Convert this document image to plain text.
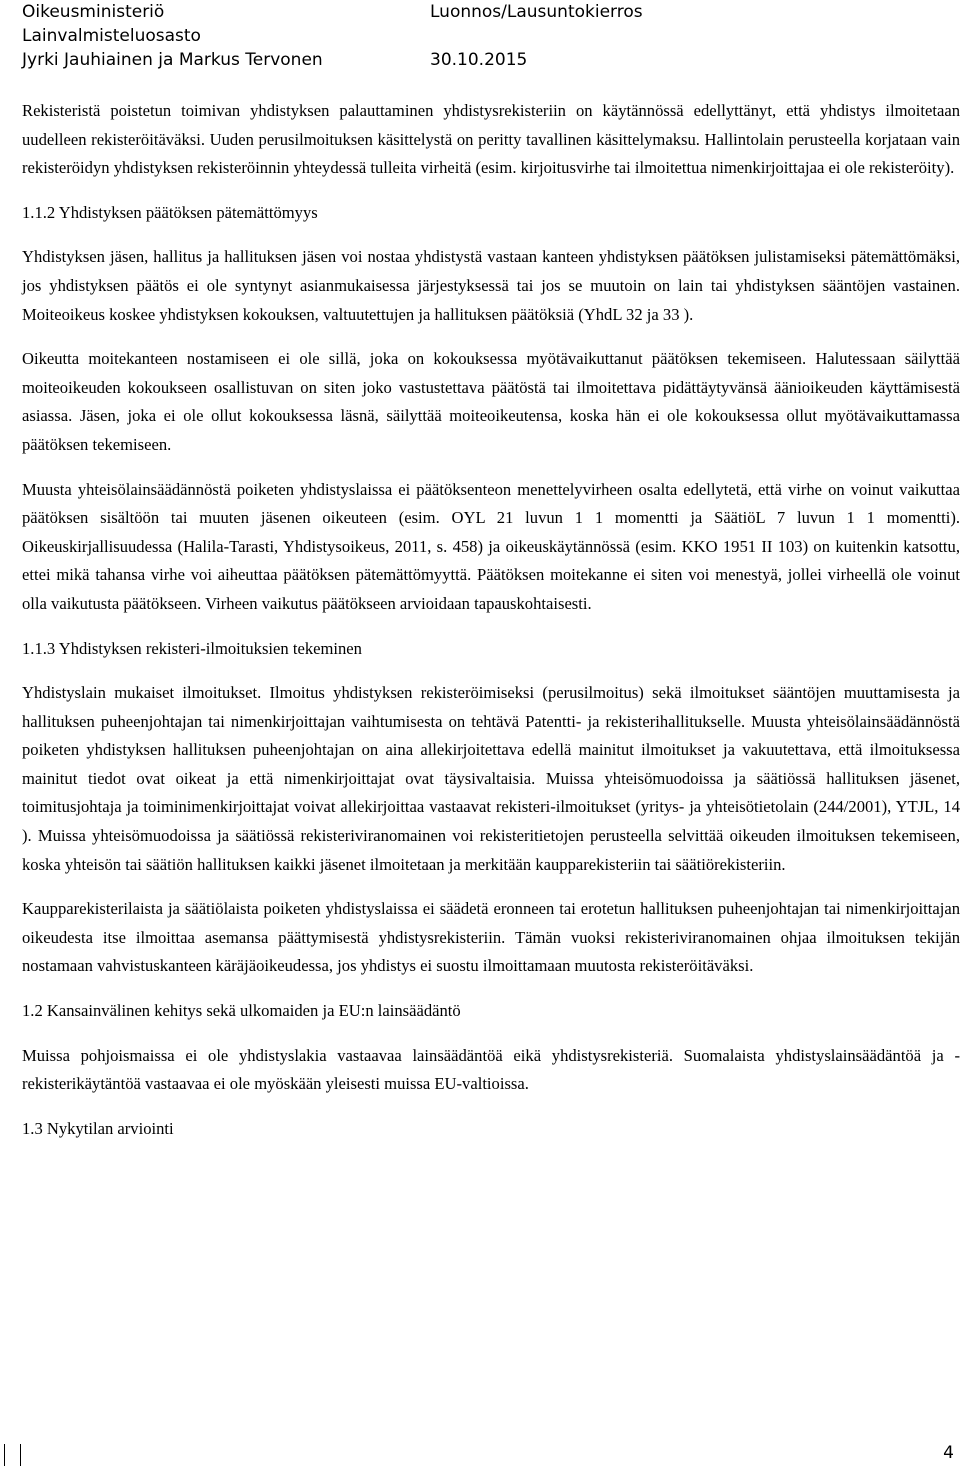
Oikeusministeriö	Luonnos/Lausuntokierros
Lainvalmisteluosasto
Jyrki Jauhiainen ja Markus Tervonen	30.10.2015

Rekisteristä poistetun toimivan yhdistyksen palauttaminen yhdistysrekisteriin on käytännössä edellyttänyt, että yhdistys ilmoitetaan uudelleen rekisteröitäväksi. Uuden perusilmoituksen käsittelystä on peritty tavallinen käsittelymaksu. Hallintolain perusteella korjataan vain rekisteröidyn yhdistyksen rekisteröinnin yhteydessä tulleita virheitä (esim. kirjoitusvirhe tai ilmoitettua nimenkirjoittajaa ei ole rekisteröity).

1.1.2 Yhdistyksen päätöksen pätemättömyys

Yhdistyksen jäsen, hallitus ja hallituksen jäsen voi nostaa yhdistystä vastaan kanteen yhdistyksen päätöksen julistamiseksi pätemättömäksi, jos yhdistyksen päätös ei ole syntynyt asianmukaisessa järjestyksessä tai jos se muutoin on lain tai yhdistyksen sääntöjen vastainen. Moiteoikeus koskee yhdistyksen kokouksen, valtuutettujen ja hallituksen päätöksiä (YhdL 32 ja 33 ).

Oikeutta moitekanteen nostamiseen ei ole sillä, joka on kokouksessa myötävaikuttanut päätöksen tekemiseen. Halutessaan säilyttää moiteoikeuden kokoukseen osallistuvan on siten joko vastustettava päätöstä tai ilmoitettava pidättäytyvänsä äänioikeuden käyttämisestä asiassa. Jäsen, joka ei ole ollut kokouksessa läsnä, säilyttää moiteoikeutensa, koska hän ei ole kokouksessa ollut myötävaikuttamassa päätöksen tekemiseen.

Muusta yhteisölainsäädännöstä poiketen yhdistyslaissa ei päätöksenteon menettelyvirheen osalta edellytetä, että virhe on voinut vaikuttaa päätöksen sisältöön tai muuten jäsenen oikeuteen (esim. OYL 21 luvun 1 1 momentti ja SäätiöL 7 luvun 1 1 momentti). Oikeuskirjallisuudessa (Halila-Tarasti, Yhdistysoikeus, 2011, s. 458) ja oikeuskäytännössä (esim. KKO 1951 II 103) on kuitenkin katsottu, ettei mikä tahansa virhe voi aiheuttaa päätöksen pätemättömyyttä. Päätöksen moitekanne ei siten voi menestyä, jollei virheellä ole voinut olla vaikutusta päätökseen. Virheen vaikutus päätökseen arvioidaan tapauskohtaisesti.

1.1.3 Yhdistyksen rekisteri-ilmoituksien tekeminen

Yhdistyslain mukaiset ilmoitukset. Ilmoitus yhdistyksen rekisteröimiseksi (perusilmoitus) sekä ilmoitukset sääntöjen muuttamisesta ja hallituksen puheenjohtajan tai nimenkirjoittajan vaihtumisesta on tehtävä Patentti- ja rekisterihallitukselle. Muusta yhteisölainsäädännöstä poiketen yhdistyksen hallituksen puheenjohtajan on aina allekirjoitettava edellä mainitut ilmoitukset ja vakuutettava, että ilmoituksessa mainitut tiedot ovat oikeat ja että nimenkirjoittajat ovat täysivaltaisia. Muissa yhteisömuodoissa ja säätiössä hallituksen jäsenet, toimitusjohtaja ja toiminimenkirjoittajat voivat allekirjoittaa vastaavat rekisteri-ilmoitukset (yritys- ja yhteisötietolain (244/2001), YTJL, 14 ). Muissa yhteisömuodoissa ja säätiössä rekisteriviranomainen voi rekisteritietojen perusteella selvittää oikeuden ilmoituksen tekemiseen, koska yhteisön tai säätiön hallituksen kaikki jäsenet ilmoitetaan ja merkitään kaupparekisteriin tai säätiörekisteriin.

Kaupparekisterilaista ja säätiölaista poiketen yhdistyslaissa ei säädetä eronneen tai erotetun hallituksen puheenjohtajan tai nimenkirjoittajan oikeudesta itse ilmoittaa asemansa päättymisestä yhdistysrekisteriin. Tämän vuoksi rekisteriviranomainen ohjaa ilmoituksen tekijän nostamaan vahvistuskanteen käräjäoikeudessa, jos yhdistys ei suostu ilmoittamaan muutosta rekisteröitäväksi.

1.2 Kansainvälinen kehitys sekä ulkomaiden ja EU:n lainsäädäntö

Muissa pohjoismaissa ei ole yhdistyslakia vastaavaa lainsäädäntöä eikä yhdistysrekisteriä. Suomalaista yhdistyslainsäädäntöä ja -rekisterikäytäntöä vastaavaa ei ole myöskään yleisesti muissa EU-valtioissa.

1.3 Nykytilan arviointi
4
